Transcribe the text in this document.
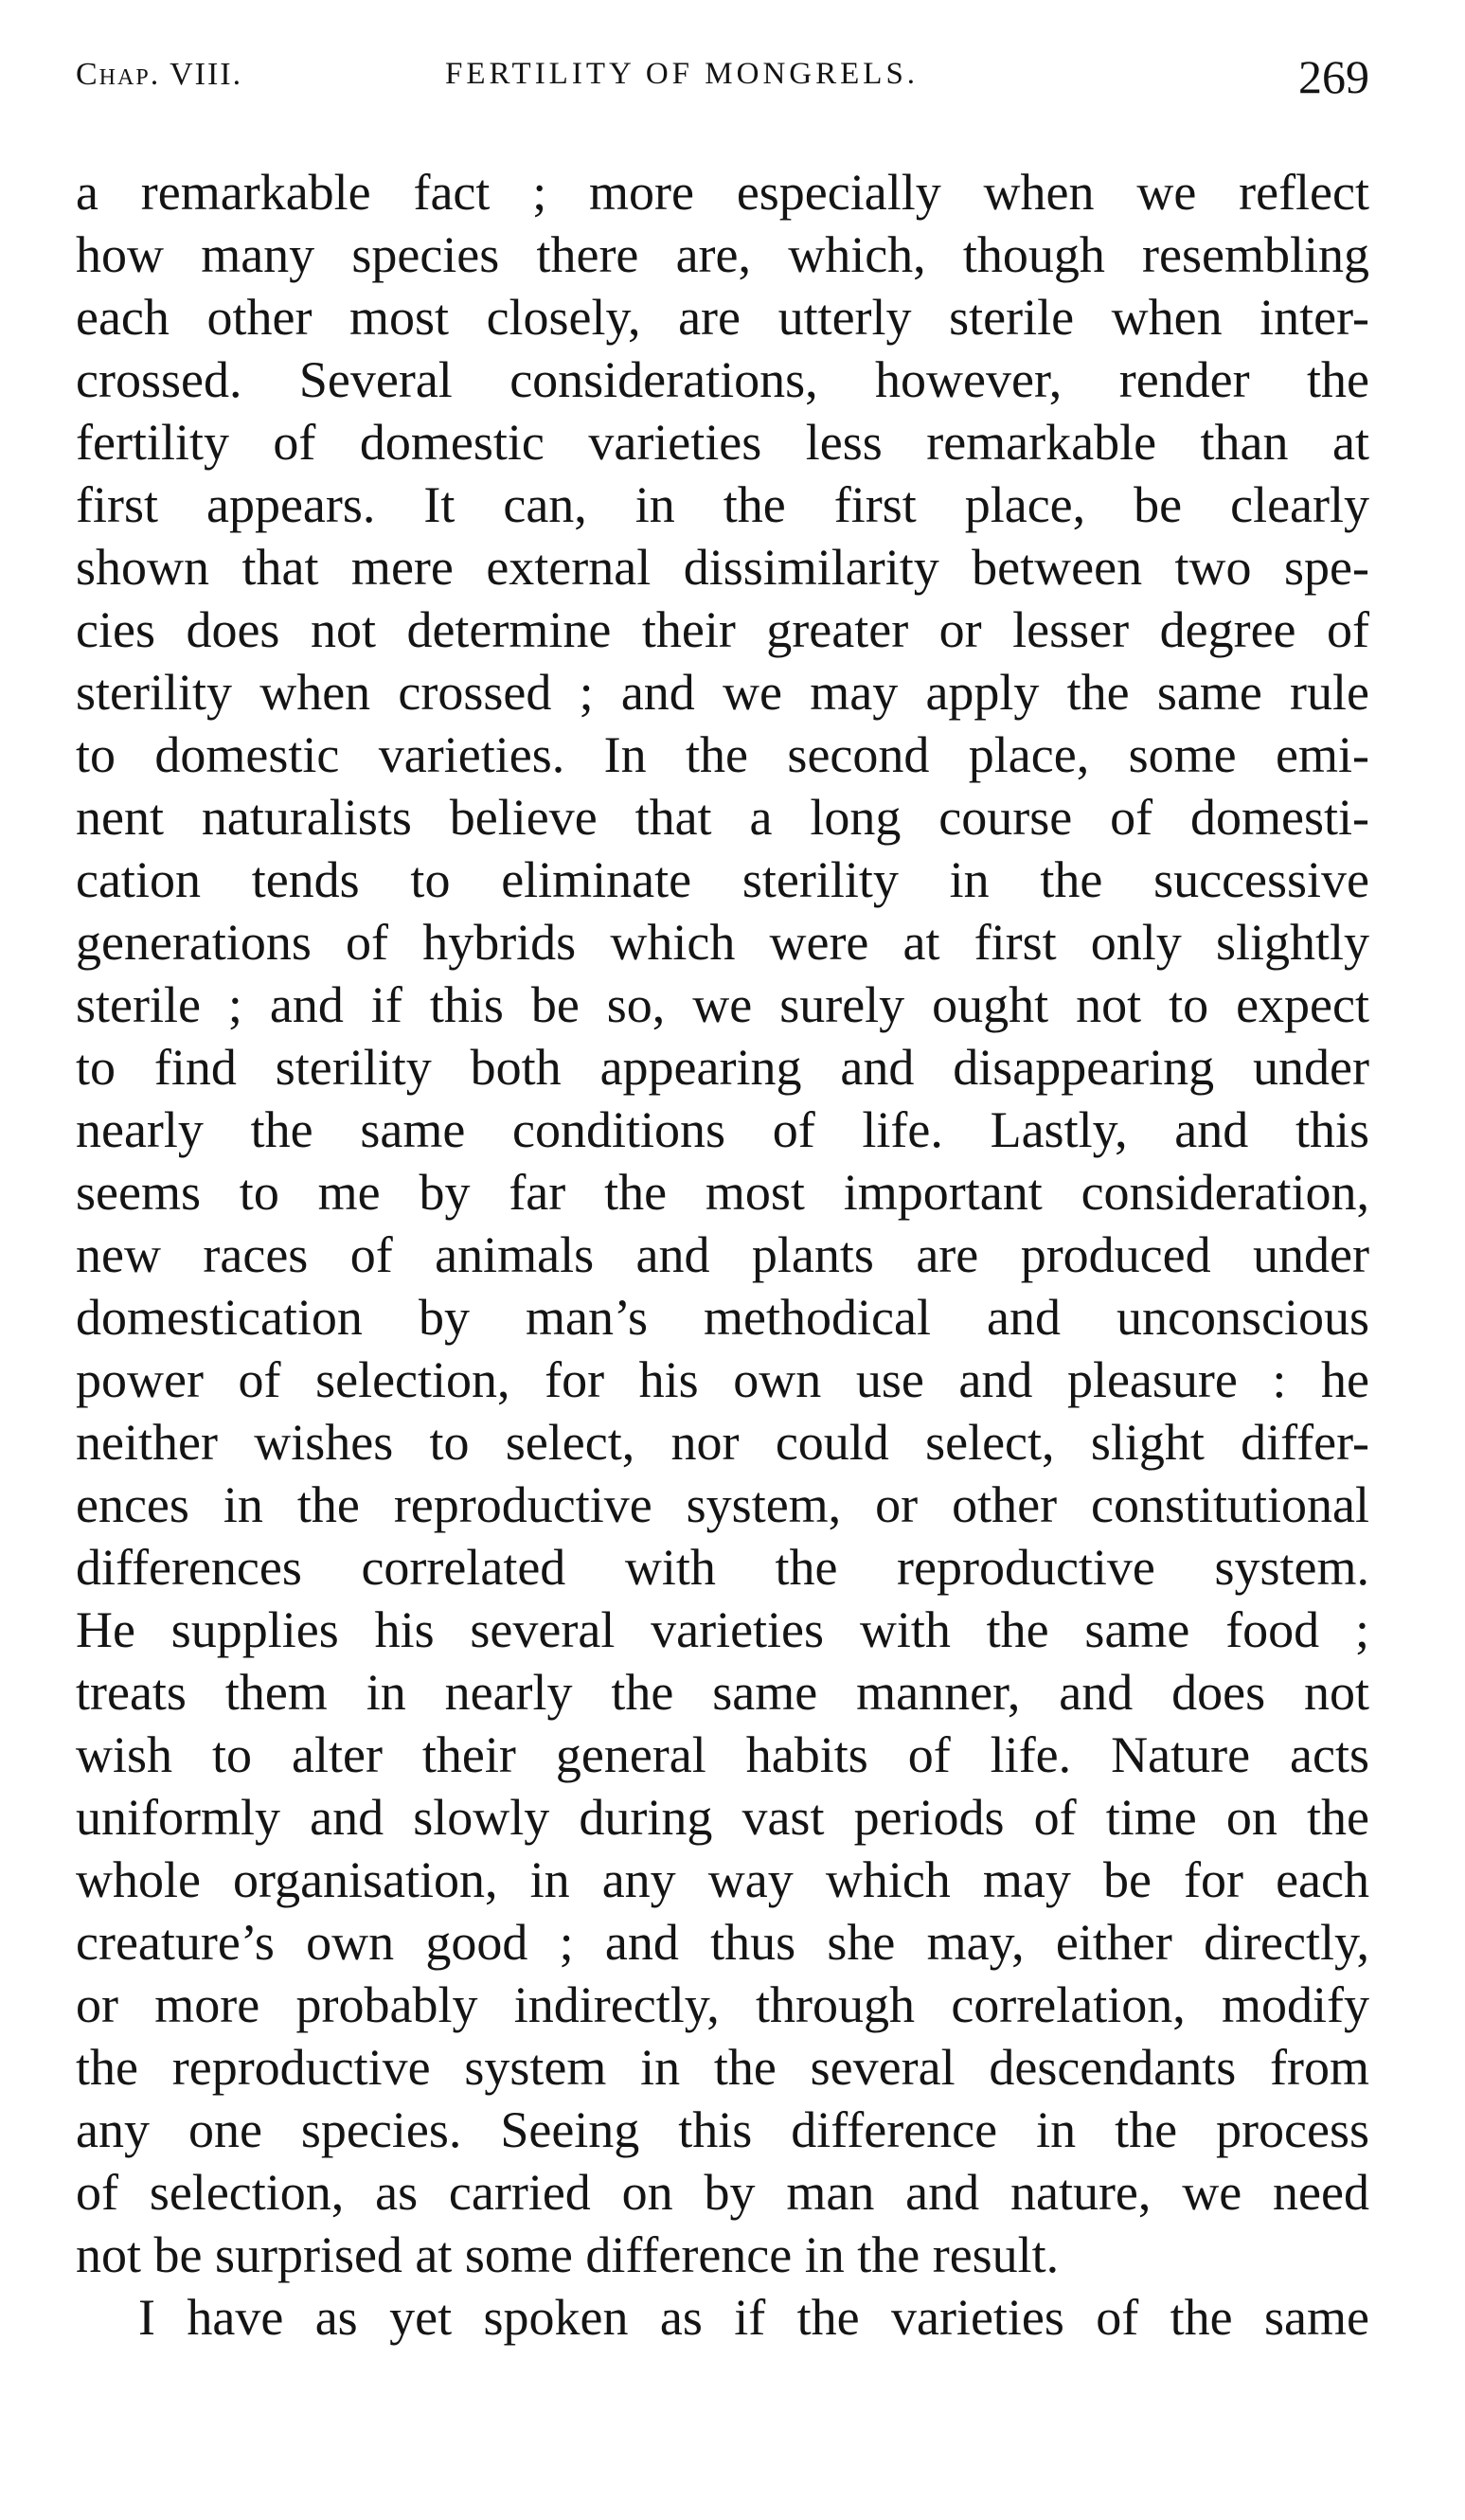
Chap. VIII.	FERTILITY OF MONGRELS.	269
a remarkable fact ; more especially when we reflect
how many species there are, which, though resembling
each other most closely, are utterly sterile when inter-
crossed. Several considerations, however, render the
fertility of domestic varieties less remarkable than at
first appears. It can, in the first place, be clearly
shown that mere external dissimilarity between two spe-
cies does not determine their greater or lesser degree of
sterility when crossed ; and we may apply the same rule
to domestic varieties. In the second place, some emi-
nent naturalists believe that a long course of domesti-
cation tends to eliminate sterility in the successive
generations of hybrids which were at first only slightly
sterile ; and if this be so, we surely ought not to expect
to find sterility both appearing and disappearing under
nearly the same conditions of life. Lastly, and this
seems to me by far the most important consideration,
new races of animals and plants are produced under
domestication by man’s methodical and unconscious
power of selection, for his own use and pleasure : he
neither wishes to select, nor could select, slight differ-
ences in the reproductive system, or other constitutional
differences correlated with the reproductive system.
He supplies his several varieties with the same food ;
treats them in nearly the same manner, and does not
wish to alter their general habits of life. Nature acts
uniformly and slowly during vast periods of time on the
whole organisation, in any way which may be for each
creature’s own good ; and thus she may, either directly,
or more probably indirectly, through correlation, modify
the reproductive system in the several descendants from
any one species. Seeing this difference in the process
of selection, as carried on by man and nature, we need
not be surprised at some difference in the result.
I have as yet spoken as if the varieties of the same
